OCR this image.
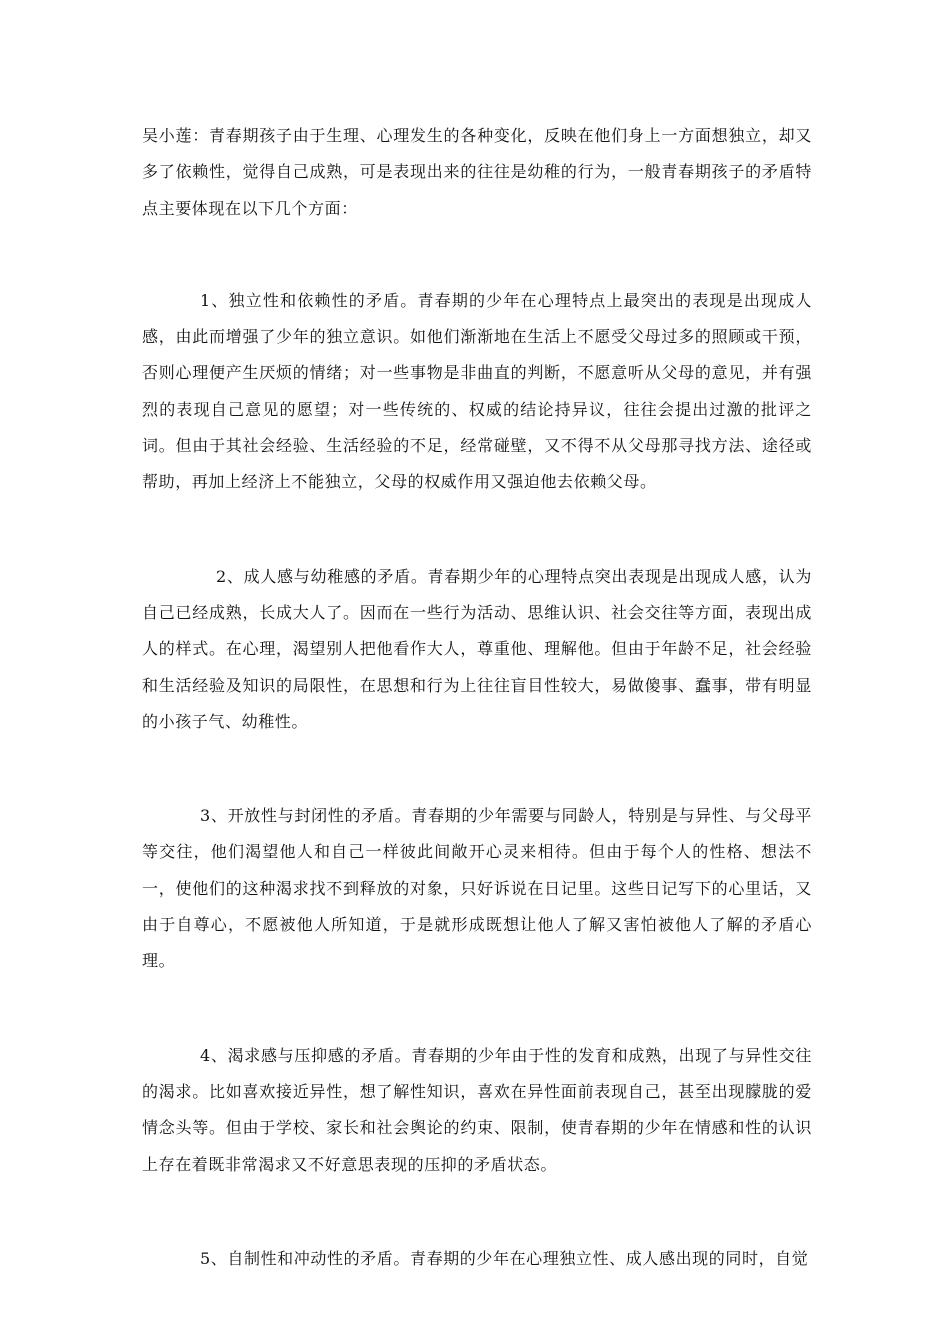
吴小莲：青春期孩子由于生理、心理发生的各种变化，反映在他们身上一方面想独立，却又多了依赖性，觉得自己成熟，可是表现出来的往往是幼稚的行为，一般青春期孩子的矛盾特点主要体现在以下几个方面：

1、独立性和依赖性的矛盾。青春期的少年在心理特点上最突出的表现是出现成人感，由此而增强了少年的独立意识。如他们渐渐地在生活上不愿受父母过多的照顾或干预，否则心理便产生厌烦的情绪；对一些事物是非曲直的判断，不愿意听从父母的意见，并有强烈的表现自己意见的愿望；对一些传统的、权威的结论持异议，往往会提出过激的批评之词。但由于其社会经验、生活经验的不足，经常碰壁，又不得不从父母那寻找方法、途径或帮助，再加上经济上不能独立，父母的权威作用又强迫他去依赖父母。

2、成人感与幼稚感的矛盾。青春期少年的心理特点突出表现是出现成人感，认为自己已经成熟，长成大人了。因而在一些行为活动、思维认识、社会交往等方面，表现出成人的样式。在心理，渴望别人把他看作大人，尊重他、理解他。但由于年龄不足，社会经验和生活经验及知识的局限性，在思想和行为上往往盲目性较大，易做傻事、蠢事，带有明显的小孩子气、幼稚性。

3、开放性与封闭性的矛盾。青春期的少年需要与同龄人，特别是与异性、与父母平等交往，他们渴望他人和自己一样彼此间敞开心灵来相待。但由于每个人的性格、想法不一，使他们的这种渴求找不到释放的对象，只好诉说在日记里。这些日记写下的心里话，又由于自尊心，不愿被他人所知道，于是就形成既想让他人了解又害怕被他人了解的矛盾心理。

4、渴求感与压抑感的矛盾。青春期的少年由于性的发育和成熟，出现了与异性交往的渴求。比如喜欢接近异性，想了解性知识，喜欢在异性面前表现自己，甚至出现朦胧的爱情念头等。但由于学校、家长和社会舆论的约束、限制，使青春期的少年在情感和性的认识上存在着既非常渴求又不好意思表现的压抑的矛盾状态。

5、自制性和冲动性的矛盾。青春期的少年在心理独立性、成人感出现的同时，自觉
